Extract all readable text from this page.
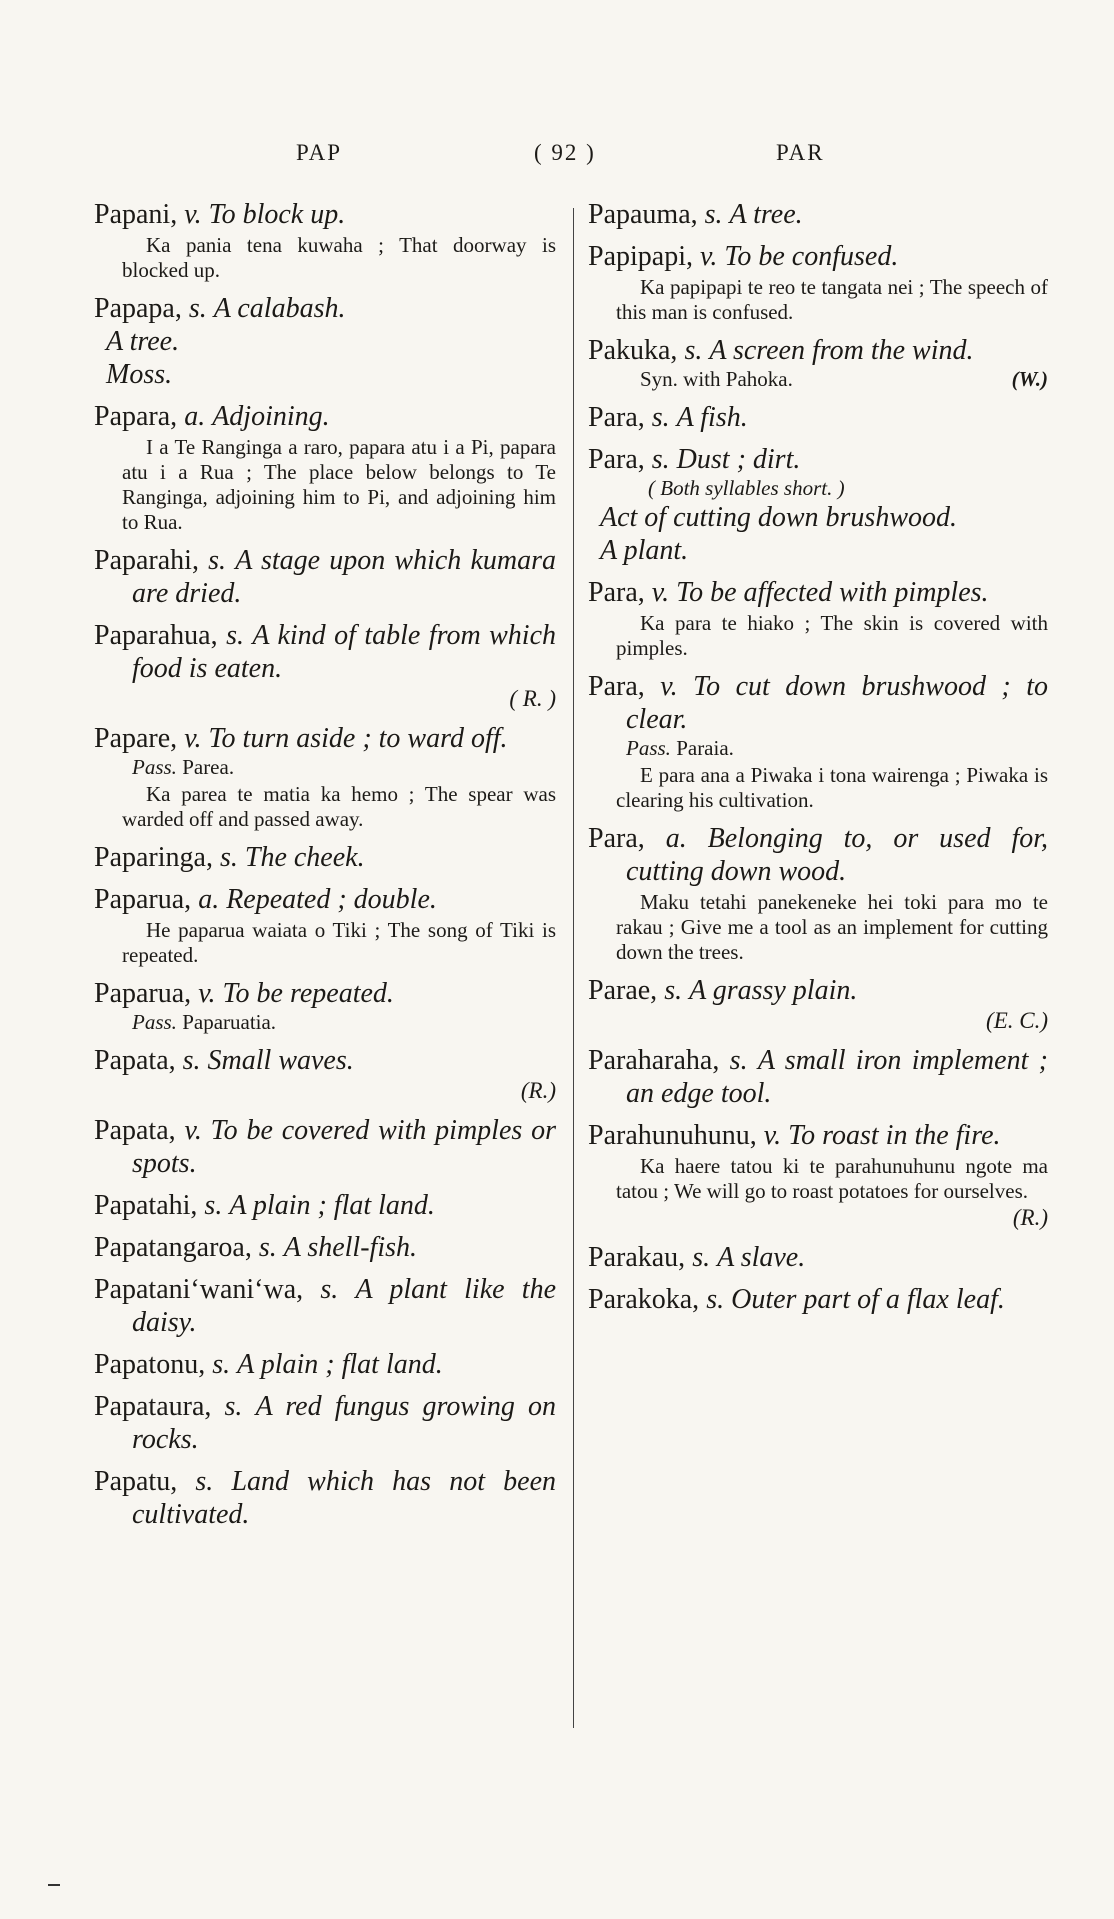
PAP	( 92 )	PAR
Papani, v. To block up.
Ka pania tena kuwaha ; That doorway is blocked up.
Papapa, s. A calabash.
A tree.
Moss.
Papara, a. Adjoining.
I a Te Ranginga a raro, papara atu i a Pi, papara atu i a Rua ; The place below belongs to Te Ranginga, adjoining him to Pi, and adjoining him to Rua.
Paparahi, s. A stage upon which kumara are dried.
Paparahua, s. A kind of table from which food is eaten.
( R. )
Papare, v. To turn aside ; to ward off.
Pass. Parea.
Ka parea te matia ka hemo ; The spear was warded off and passed away.
Paparinga, s. The cheek.
Paparua, a. Repeated ; double.
He paparua waiata o Tiki ; The song of Tiki is repeated.
Paparua, v. To be repeated.
Pass. Paparuatia.
Papata, s. Small waves.
(R.)
Papata, v. To be covered with pimples or spots.
Papatahi, s. A plain ; flat land.
Papatangaroa, s. A shell-fish.
Papatani‘wani‘wa, s. A plant like the daisy.
Papatonu, s. A plain ; flat land.
Papataura, s. A red fungus growing on rocks.
Papatu, s. Land which has not been cultivated.
Papauma, s. A tree.
Papipapi, v. To be confused.
Ka papipapi te reo te tangata nei ; The speech of this man is confused.
Pakuka, s. A screen from the wind.
Syn. with Pahoka.	(W.)
Para, s. A fish.
Para, s. Dust ; dirt.
( Both syllables short. )
Act of cutting down brushwood.
A plant.
Para, v. To be affected with pimples.
Ka para te hiako ; The skin is covered with pimples.
Para, v. To cut down brushwood ; to clear.
Pass. Paraia.
E para ana a Piwaka i tona wairenga ; Piwaka is clearing his cultivation.
Para, a. Belonging to, or used for, cutting down wood.
Maku tetahi panekeneke hei toki para mo te rakau ; Give me a tool as an implement for cutting down the trees.
Parae, s. A grassy plain.
(E. C.)
Paraharaha, s. A small iron implement ; an edge tool.
Parahunuhunu, v. To roast in the fire.
Ka haere tatou ki te parahunuhunu ngote ma tatou ; We will go to roast potatoes for ourselves.
(R.)
Parakau, s. A slave.
Parakoka, s. Outer part of a flax leaf.
